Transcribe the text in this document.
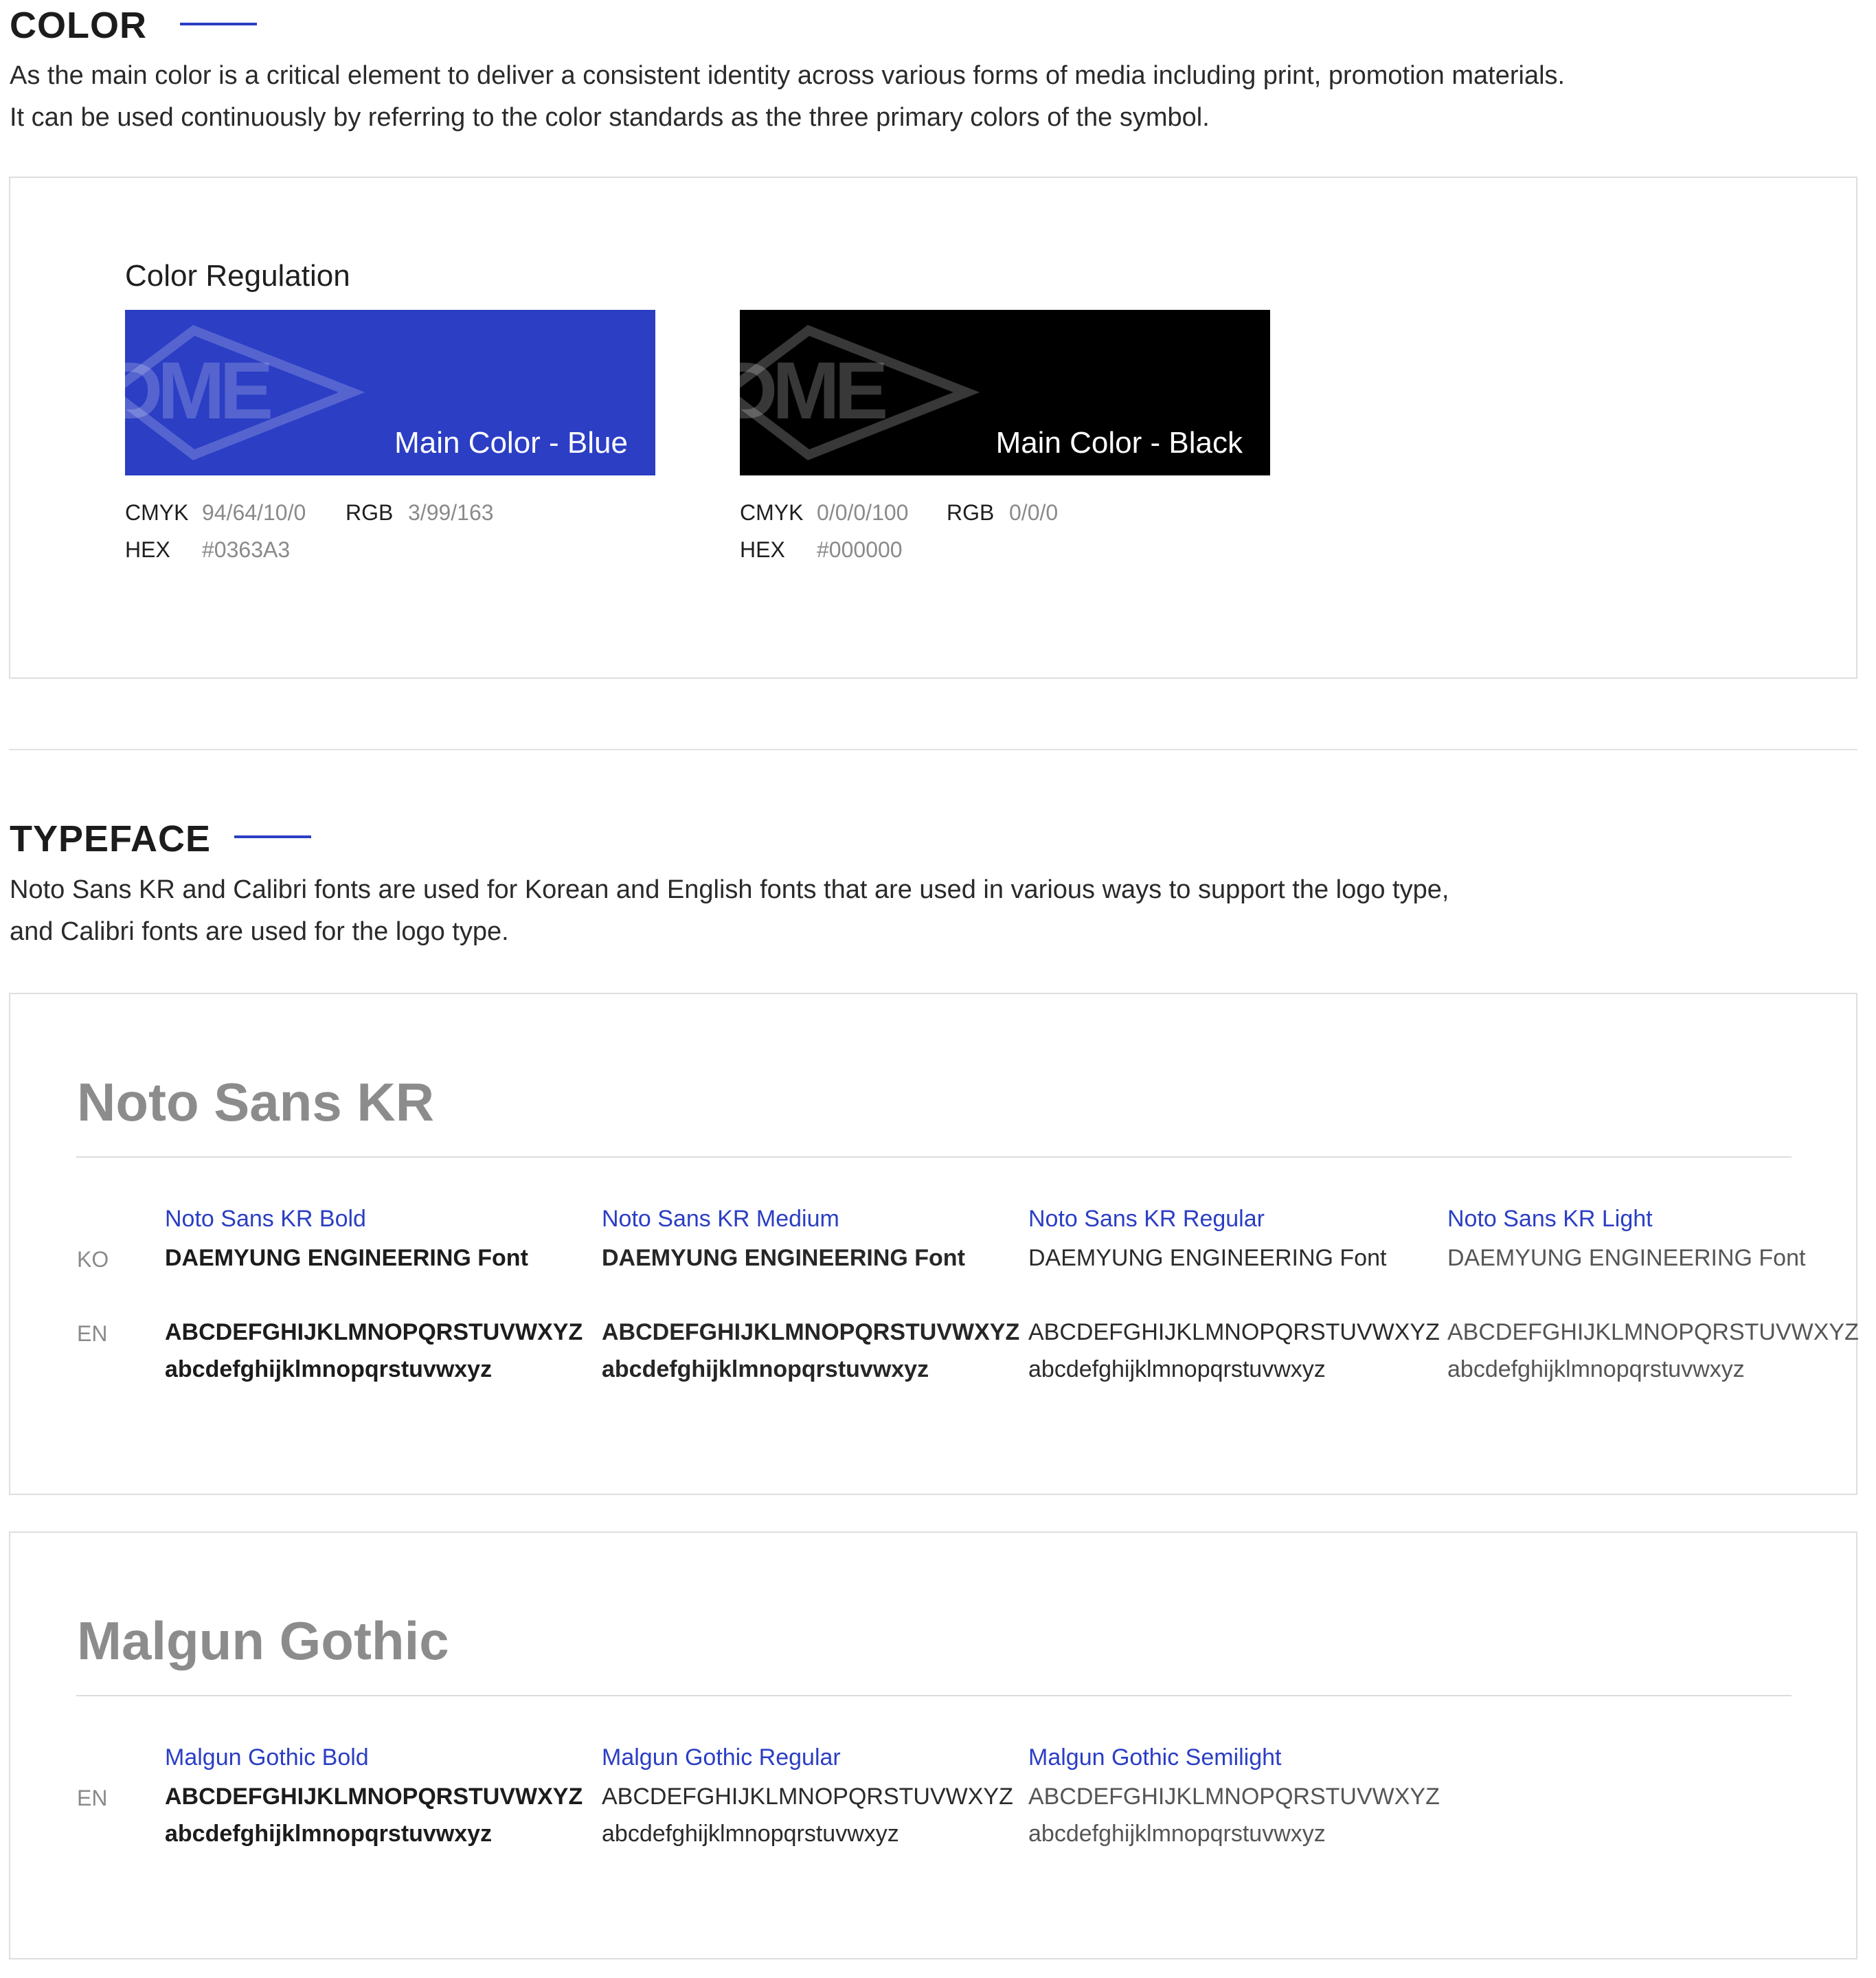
COLOR

As the main color is a critical element to deliver a consistent identity across various forms of media including print, promotion materials.

It can be used continuously by referring to the color standards as the three primary colors of the symbol.

Color Regulation
DME
Main Color - Blue
CMYK 94/64/10/0 RGB 3/99/163
HEX #0363A3
DME
Main Color - Black
CMYK 0/0/0/100 RGB 0/0/0
HEX #000000
TYPEFACE

Noto Sans KR and Calibri fonts are used for Korean and English fonts that are used in various ways to support the logo type,

and Calibri fonts are used for the logo type.

Noto Sans KR
KO
EN
Noto Sans KR Bold
DAEMYUNG ENGINEERING Font
ABCDEFGHIJKLMNOPQRSTUVWXYZ
abcdefghijklmnopqrstuvwxyz
Noto Sans KR Medium
DAEMYUNG ENGINEERING Font
ABCDEFGHIJKLMNOPQRSTUVWXYZ
abcdefghijklmnopqrstuvwxyz
Noto Sans KR Regular
DAEMYUNG ENGINEERING Font
ABCDEFGHIJKLMNOPQRSTUVWXYZ
abcdefghijklmnopqrstuvwxyz
Noto Sans KR Light
DAEMYUNG ENGINEERING Font
ABCDEFGHIJKLMNOPQRSTUVWXYZ
abcdefghijklmnopqrstuvwxyz
Malgun Gothic
EN
Malgun Gothic Bold
ABCDEFGHIJKLMNOPQRSTUVWXYZ
abcdefghijklmnopqrstuvwxyz
Malgun Gothic Regular
ABCDEFGHIJKLMNOPQRSTUVWXYZ
abcdefghijklmnopqrstuvwxyz
Malgun Gothic Semilight
ABCDEFGHIJKLMNOPQRSTUVWXYZ
abcdefghijklmnopqrstuvwxyz
